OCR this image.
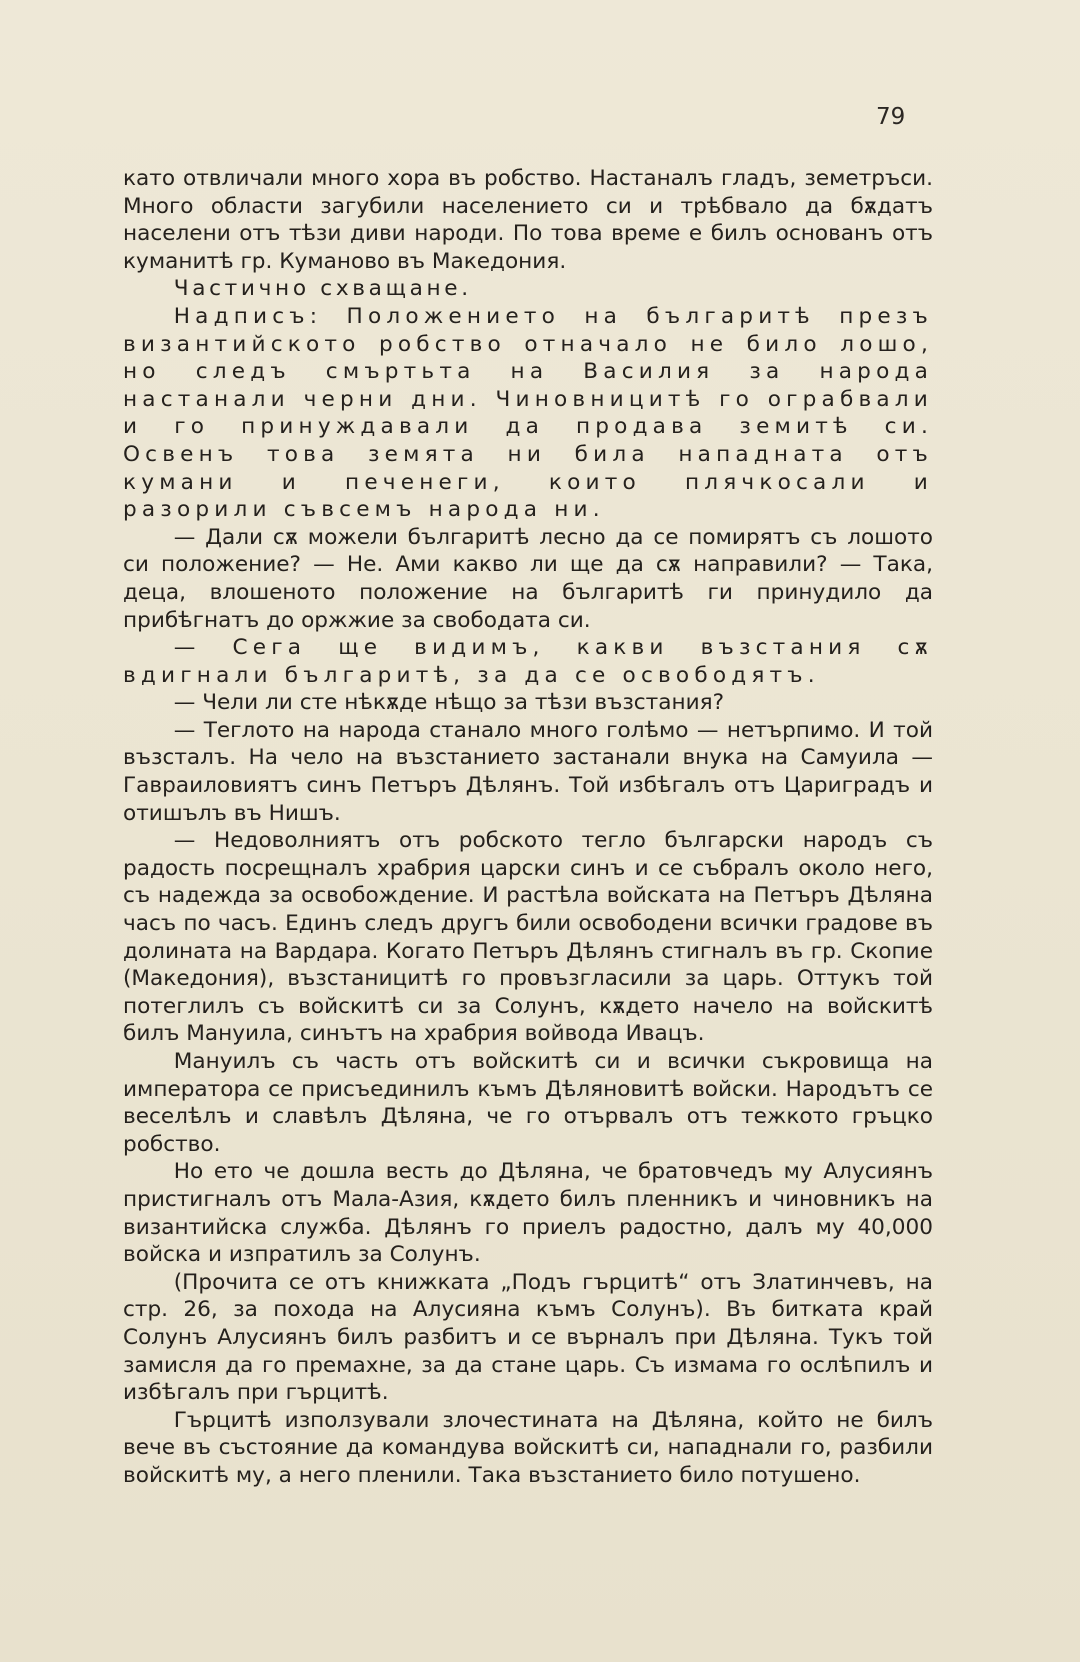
79

като отвличали много хора въ робство. Настаналъ гладъ, земетръси. Много области загубили населението си и трѣбвало да бѫдатъ населени отъ тѣзи диви народи. По това време е билъ основанъ отъ куманитѣ гр. Куманово въ Македония.

Частично схващане.

Надписъ: Положението на българитѣ презъ византийското робство отначало не било лошо, но следъ смъртьта на Василия за народа настанали черни дни. Чиновницитѣ го ограбвали и го принуждавали да продава земитѣ си. Освенъ това земята ни била нападната отъ кумани и печенеги, които плячкосали и разорили съвсемъ народа ни.

— Дали сѫ можели българитѣ лесно да се помирятъ съ лошото си положение? — Не. Ами какво ли ще да сѫ направили? — Така, деца, влошеното положение на българитѣ ги принудило да прибѣгнатъ до оржжие за свободата си.

— Сега ще видимъ, какви възстания сѫ вдигнали българитѣ, за да се освободятъ.

— Чели ли сте нѣкѫде нѣщо за тѣзи възстания?

— Теглото на народа станало много голѣмо — нетърпимо. И той възсталъ. На чело на възстанието застанали внука на Самуила — Гавраиловиятъ синъ Петъръ Дѣлянъ. Той избѣгалъ отъ Цариградъ и отишълъ въ Нишъ.

— Недоволниятъ отъ робското тегло български народъ съ радость посрещналъ храбрия царски синъ и се събралъ около него, съ надежда за освобождение. И растѣла войската на Петъръ Дѣляна часъ по часъ. Единъ следъ другъ били освободени всички градове въ долината на Вардара. Когато Петъръ Дѣлянъ стигналъ въ гр. Скопие (Македония), възстаницитѣ го провъзгласили за царь. Оттукъ той потеглилъ съ войскитѣ си за Солунъ, кѫдето начело на войскитѣ билъ Мануила, синътъ на храбрия войвода Ивацъ.

Мануилъ съ часть отъ войскитѣ си и всички съкровища на императора се присъединилъ къмъ Дѣляновитѣ войски. Народътъ се веселѣлъ и славѣлъ Дѣляна, че го отървалъ отъ тежкото гръцко робство.

Но ето че дошла весть до Дѣляна, че братовчедъ му Алусиянъ пристигналъ отъ Мала-Азия, кѫдето билъ пленникъ и чиновникъ на византийска служба. Дѣлянъ го приелъ радостно, далъ му 40,000 войска и изпратилъ за Солунъ.

(Прочита се отъ книжката „Подъ гърцитѣ“ отъ Златинчевъ, на стр. 26, за похода на Алусияна къмъ Солунъ). Въ битката край Солунъ Алусиянъ билъ разбитъ и се върналъ при Дѣляна. Тукъ той замисля да го премахне, за да стане царь. Съ измама го ослѣпилъ и избѣгалъ при гърцитѣ.

Гърцитѣ използували злочестината на Дѣляна, който не билъ вече въ състояние да командува войскитѣ си, нападнали го, разбили войскитѣ му, а него пленили. Така възстанието било потушено.
